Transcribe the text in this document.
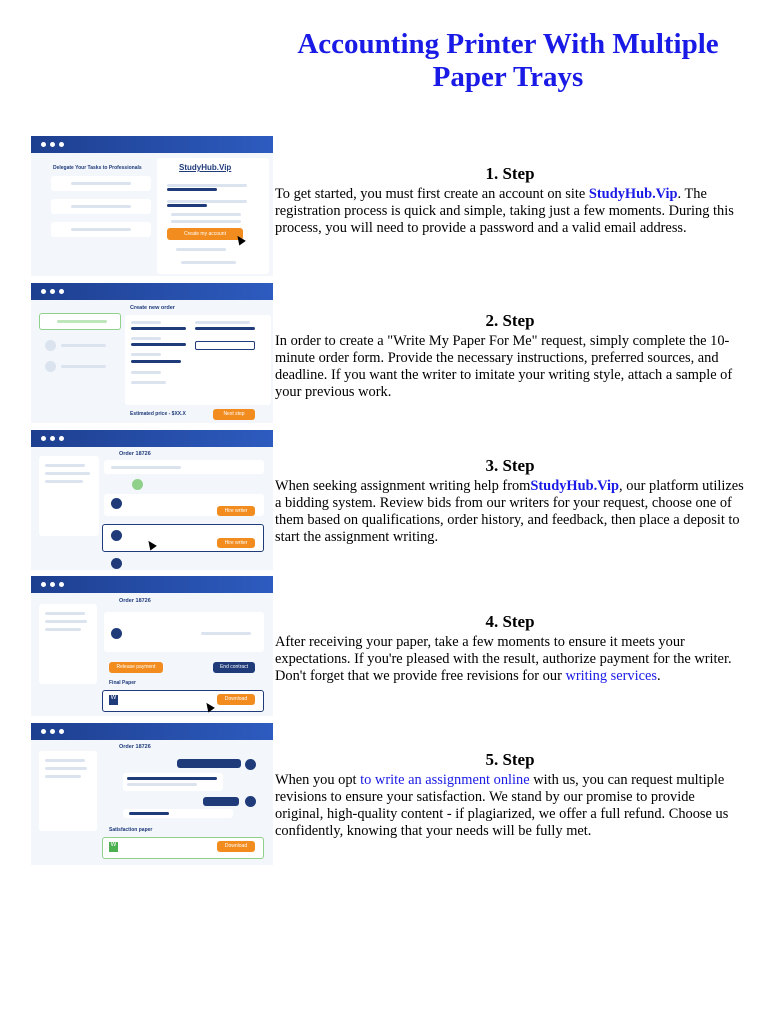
Accounting Printer With Multiple Paper Trays
Delegate Your Tasks to Professionals	StudyHub.Vip
Create my account
Create new order
Estimated price - $XX.X	Next step
Order 18726
Hire writer
Hire writer
Order 18726
Release payment	End contract
Final Paper
W	Download
Order 18726
Satisfaction paper
W	Download
1. Step

To get started, you must first create an account on site StudyHub.Vip. The registration process is quick and simple, taking just a few moments. During this process, you will need to provide a password and a valid email address.

2. Step

In order to create a "Write My Paper For Me" request, simply complete the 10-minute order form. Provide the necessary instructions, preferred sources, and deadline. If you want the writer to imitate your writing style, attach a sample of your previous work.

3. Step

When seeking assignment writing help fromStudyHub.Vip, our platform utilizes a bidding system. Review bids from our writers for your request, choose one of them based on qualifications, order history, and feedback, then place a deposit to start the assignment writing.

4. Step

After receiving your paper, take a few moments to ensure it meets your expectations. If you're pleased with the result, authorize payment for the writer. Don't forget that we provide free revisions for our writing services.

5. Step

When you opt to write an assignment online with us, you can request multiple revisions to ensure your satisfaction. We stand by our promise to provide original, high-quality content - if plagiarized, we offer a full refund. Choose us confidently, knowing that your needs will be fully met.
